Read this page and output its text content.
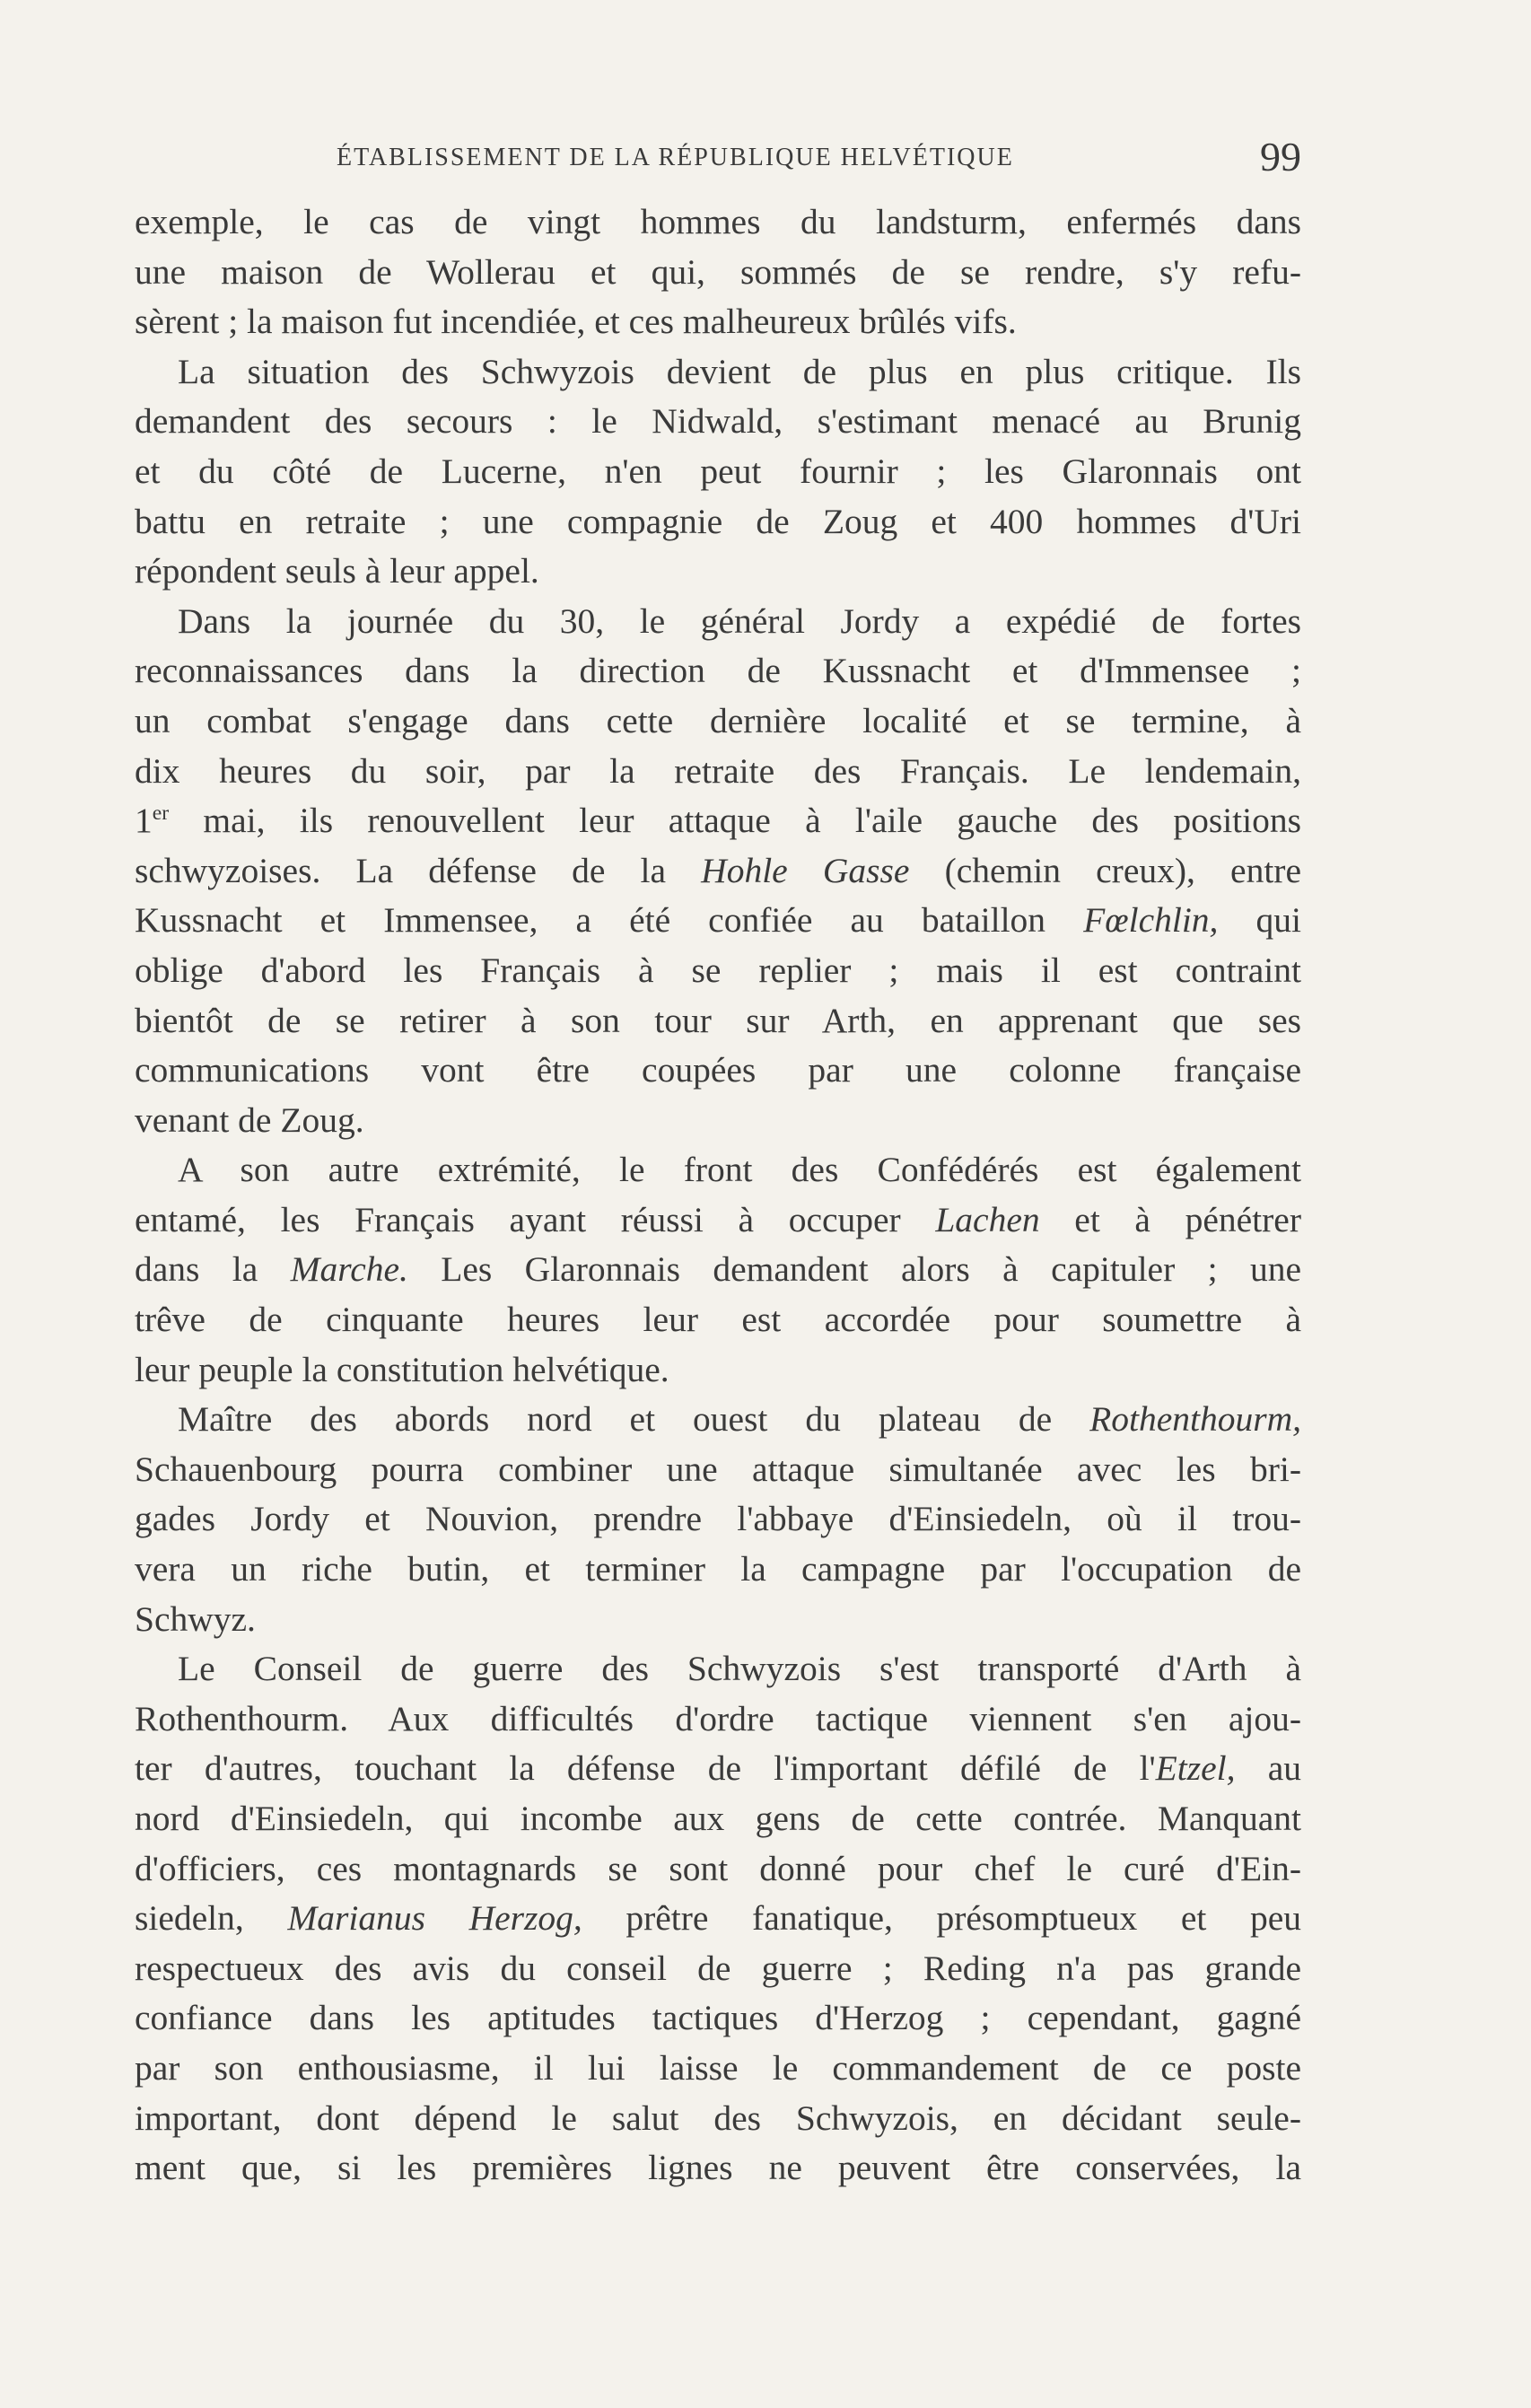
ÉTABLISSEMENT DE LA RÉPUBLIQUE HELVÉTIQUE	99
exemple, le cas de vingt hommes du landsturm, enfermés dans
une maison de Wollerau et qui, sommés de se rendre, s'y refu-
sèrent ; la maison fut incendiée, et ces malheureux brûlés vifs.
La situation des Schwyzois devient de plus en plus critique. Ils
demandent des secours : le Nidwald, s'estimant menacé au Brunig
et du côté de Lucerne, n'en peut fournir ; les Glaronnais ont
battu en retraite ; une compagnie de Zoug et 400 hommes d'Uri
répondent seuls à leur appel.
Dans la journée du 30, le général Jordy a expédié de fortes
reconnaissances dans la direction de Kussnacht et d'Immensee ;
un combat s'engage dans cette dernière localité et se termine, à
dix heures du soir, par la retraite des Français. Le lendemain,
1er mai, ils renouvellent leur attaque à l'aile gauche des positions
schwyzoises. La défense de la Hohle Gasse (chemin creux), entre
Kussnacht et Immensee, a été confiée au bataillon Fœlchlin, qui
oblige d'abord les Français à se replier ; mais il est contraint
bientôt de se retirer à son tour sur Arth, en apprenant que ses
communications vont être coupées par une colonne française
venant de Zoug.
A son autre extrémité, le front des Confédérés est également
entamé, les Français ayant réussi à occuper Lachen et à pénétrer
dans la Marche. Les Glaronnais demandent alors à capituler ; une
trêve de cinquante heures leur est accordée pour soumettre à
leur peuple la constitution helvétique.
Maître des abords nord et ouest du plateau de Rothenthourm,
Schauenbourg pourra combiner une attaque simultanée avec les bri-
gades Jordy et Nouvion, prendre l'abbaye d'Einsiedeln, où il trou-
vera un riche butin, et terminer la campagne par l'occupation de
Schwyz.
Le Conseil de guerre des Schwyzois s'est transporté d'Arth à
Rothenthourm. Aux difficultés d'ordre tactique viennent s'en ajou-
ter d'autres, touchant la défense de l'important défilé de l'Etzel, au
nord d'Einsiedeln, qui incombe aux gens de cette contrée. Manquant
d'officiers, ces montagnards se sont donné pour chef le curé d'Ein-
siedeln, Marianus Herzog, prêtre fanatique, présomptueux et peu
respectueux des avis du conseil de guerre ; Reding n'a pas grande
confiance dans les aptitudes tactiques d'Herzog ; cependant, gagné
par son enthousiasme, il lui laisse le commandement de ce poste
important, dont dépend le salut des Schwyzois, en décidant seule-
ment que, si les premières lignes ne peuvent être conservées, la
